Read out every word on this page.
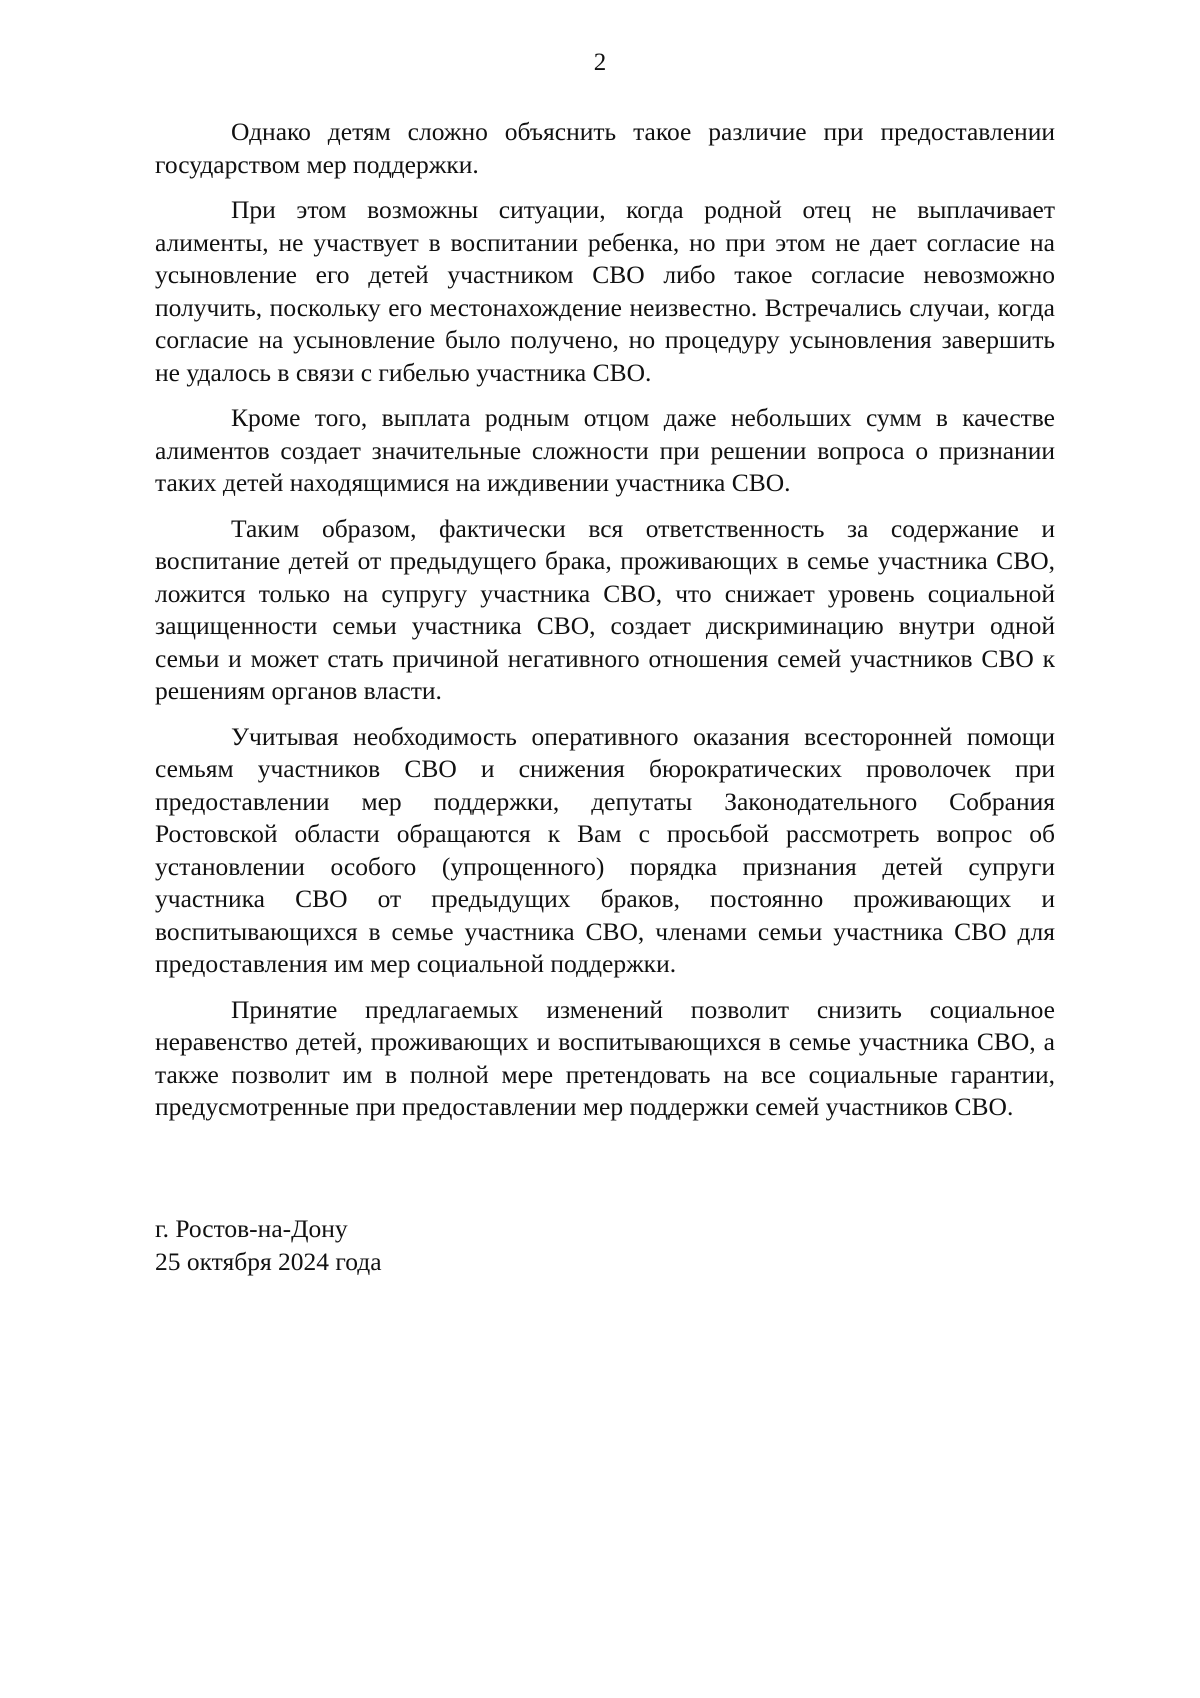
2

Однако детям сложно объяснить такое различие при предоставлении государством мер поддержки.

При этом возможны ситуации, когда родной отец не выплачивает алименты, не участвует в воспитании ребенка, но при этом не дает согласие на усыновление его детей участником СВО либо такое согласие невозможно получить, поскольку его местонахождение неизвестно. Встречались случаи, когда согласие на усыновление было получено, но процедуру усыновления завершить не удалось в связи с гибелью участника СВО.

Кроме того, выплата родным отцом даже небольших сумм в качестве алиментов создает значительные сложности при решении вопроса о признании таких детей находящимися на иждивении участника СВО.

Таким образом, фактически вся ответственность за содержание и воспитание детей от предыдущего брака, проживающих в семье участника СВО, ложится только на супругу участника СВО, что снижает уровень социальной защищенности семьи участника СВО, создает дискриминацию внутри одной семьи и может стать причиной негативного отношения семей участников СВО к решениям органов власти.

Учитывая необходимость оперативного оказания всесторонней помощи семьям участников СВО и снижения бюрократических проволочек при предоставлении мер поддержки, депутаты Законодательного Собрания Ростовской области обращаются к Вам с просьбой рассмотреть вопрос об установлении особого (упрощенного) порядка признания детей супруги участника СВО от предыдущих браков, постоянно проживающих и воспитывающихся в семье участника СВО, членами семьи участника СВО для предоставления им мер социальной поддержки.

Принятие предлагаемых изменений позволит снизить социальное неравенство детей, проживающих и воспитывающихся в семье участника СВО, а также позволит им в полной мере претендовать на все социальные гарантии, предусмотренные при предоставлении мер поддержки семей участников СВО.

г. Ростов-на-Дону
25 октября 2024 года
